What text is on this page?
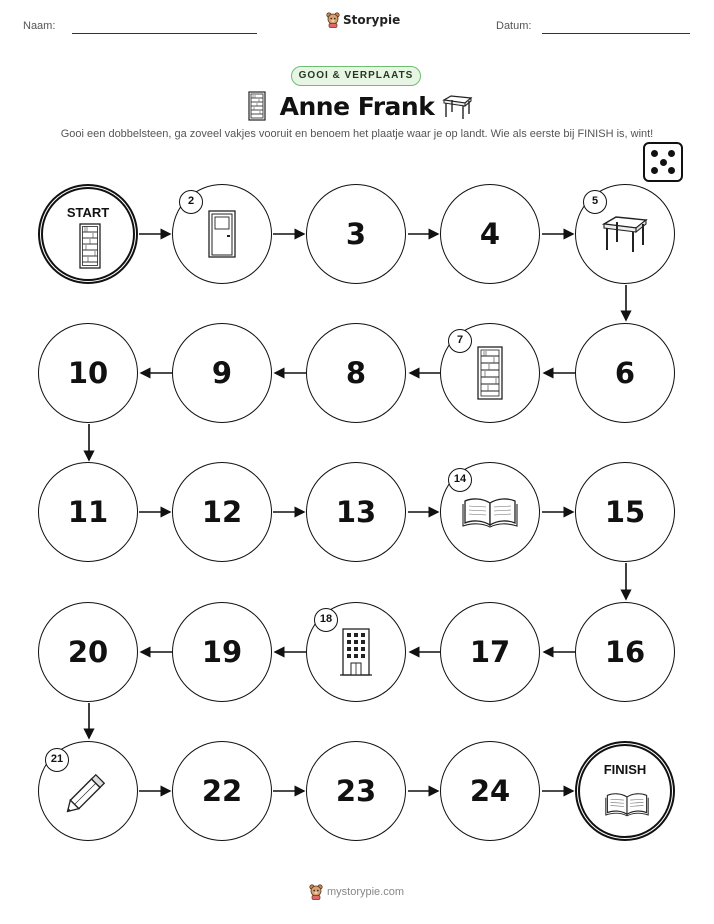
Naam:	Datum:
Storypie
GOOI & VERPLAATS
Anne Frank
Gooi een dobbelsteen, ga zoveel vakjes vooruit en benoem het plaatje waar je op landt. Wie als eerste bij FINISH is, wint!
START
2
3	4
5
6
7
8
9
10
11	12	13
14
15
16
17
18
19
20
21
22	23	24
FINISH
mystorypie.com
